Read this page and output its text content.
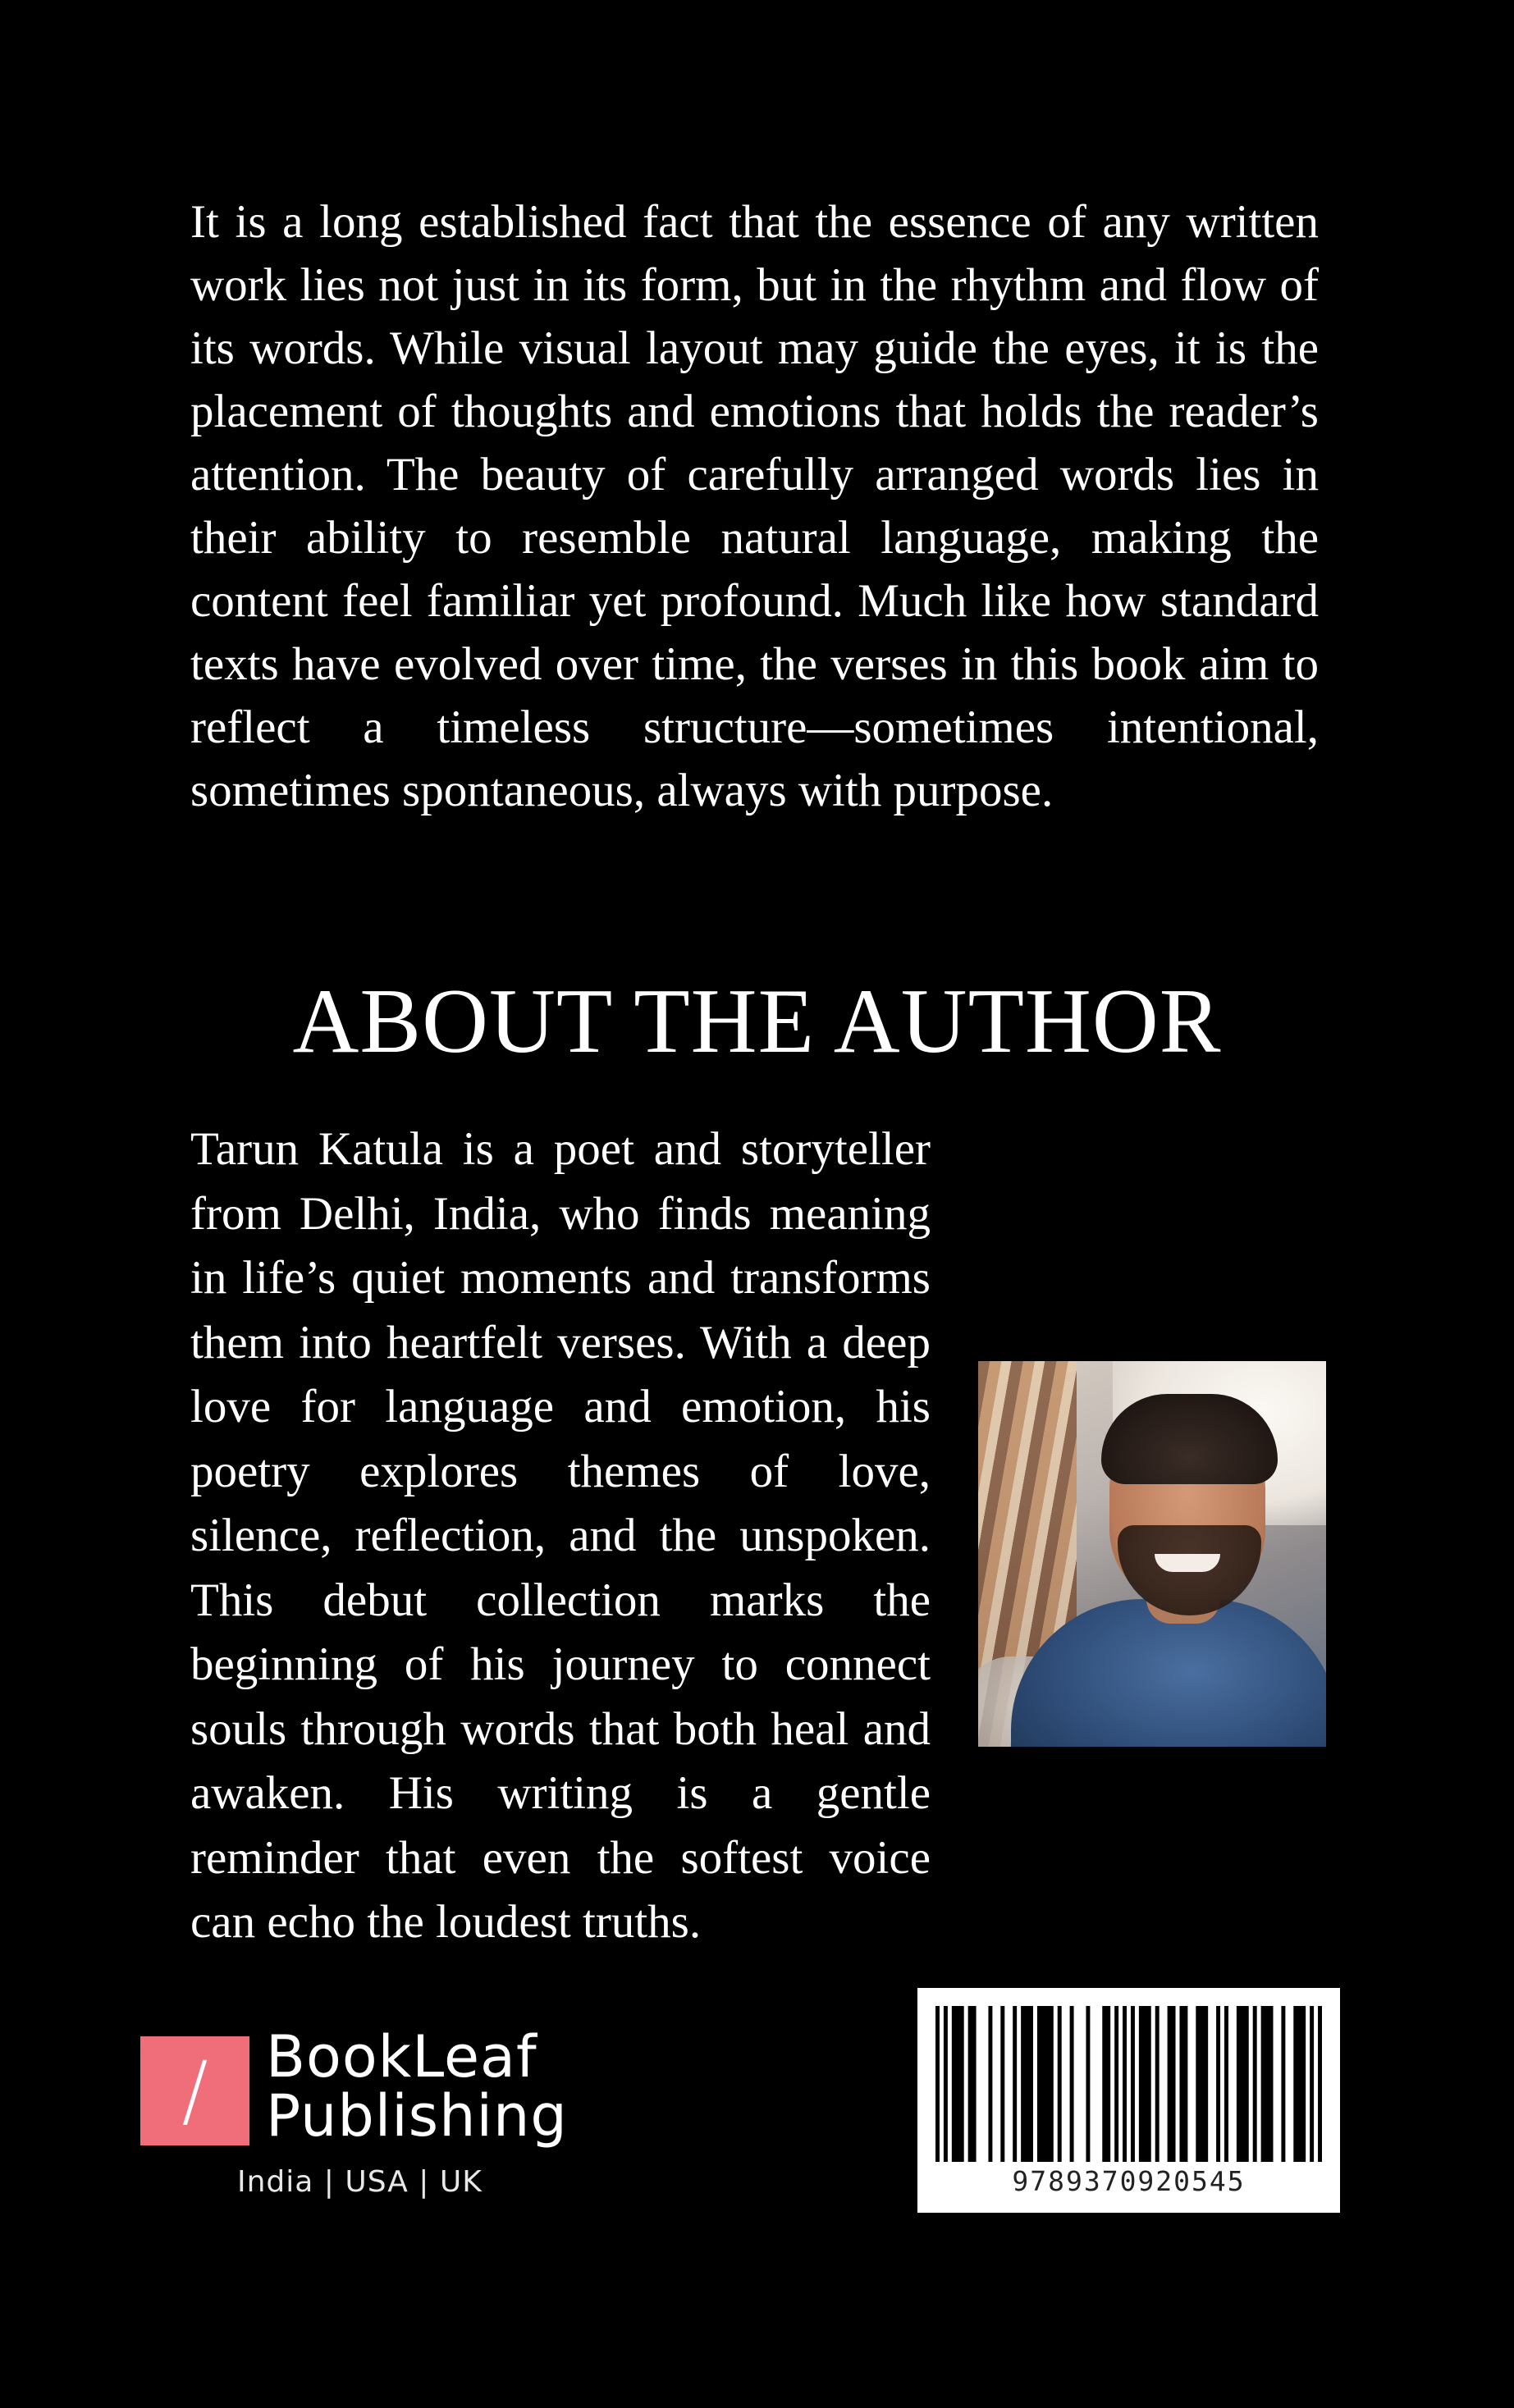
It is a long established fact that the essence of any written work lies not just in its form, but in the rhythm and flow of its words. While visual layout may guide the eyes, it is the placement of thoughts and emotions that holds the reader’s attention. The beauty of carefully arranged words lies in their ability to resemble natural language, making the content feel familiar yet profound. Much like how standard texts have evolved over time, the verses in this book aim to reflect a timeless structure—sometimes intentional, sometimes spontaneous, always with purpose.

ABOUT THE AUTHOR

Tarun Katula is a poet and storyteller from Delhi, India, who finds meaning in life’s quiet moments and transforms them into heartfelt verses. With a deep love for language and emotion, his poetry explores themes of love, silence, reflection, and the unspoken. This debut collection marks the beginning of his journey to connect souls through words that both heal and awaken. His writing is a gentle reminder that even the softest voice can echo the loudest truths.

/	BookLeaf
Publishing
India | USA | UK	9789370920545
